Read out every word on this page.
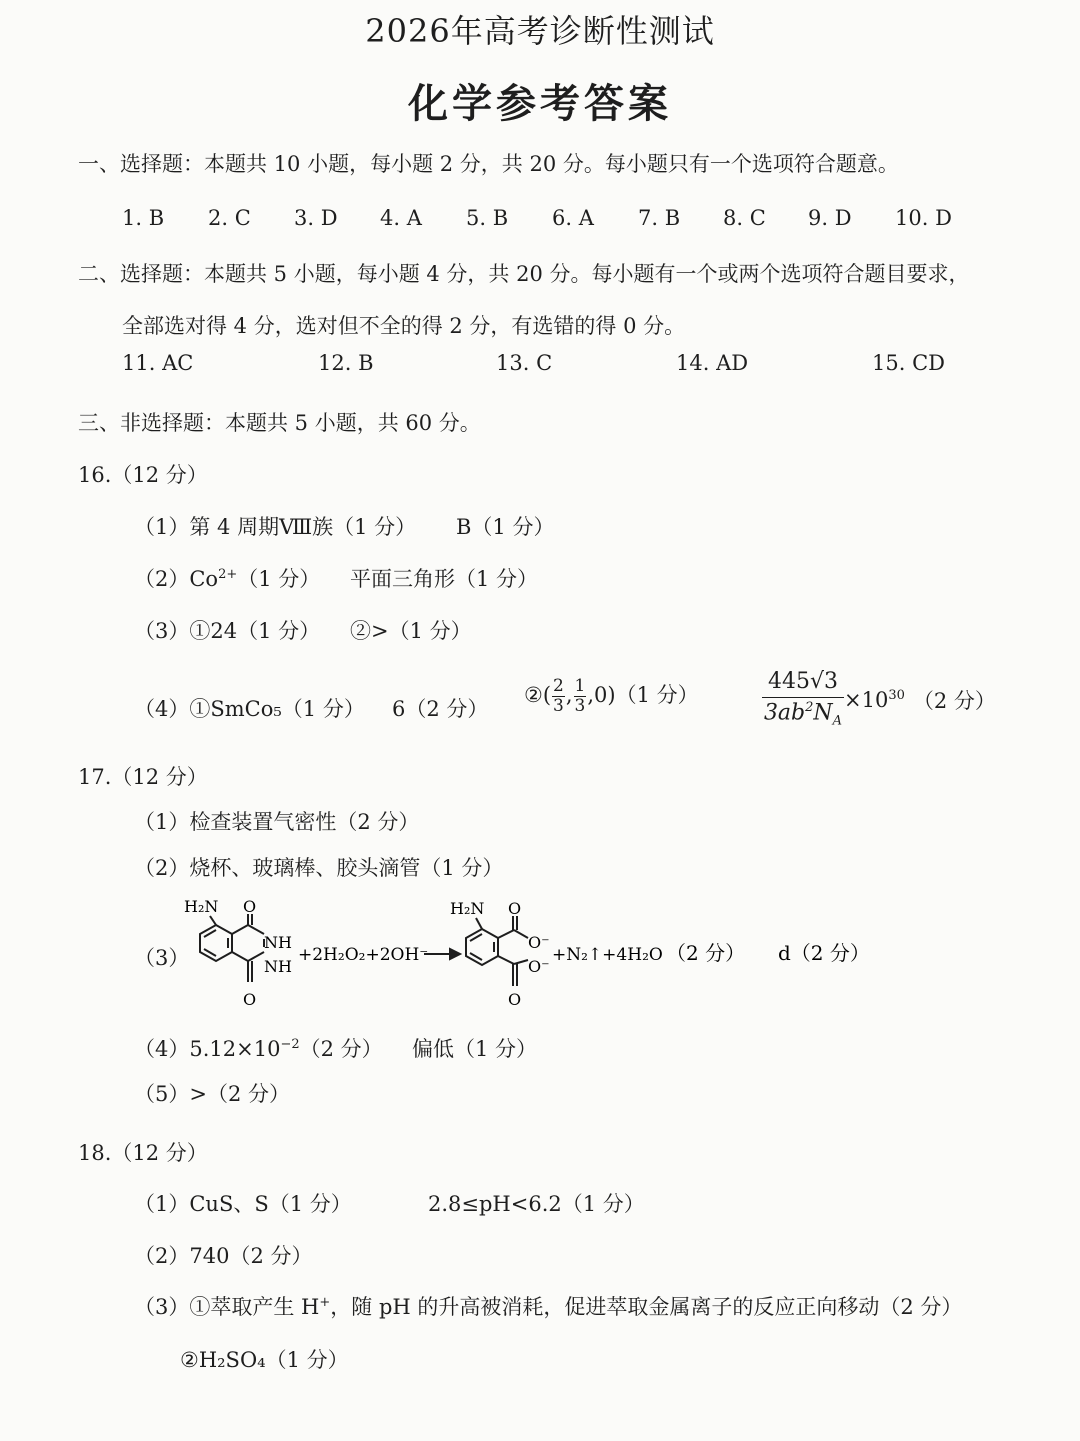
2026年高考诊断性测试
化学参考答案
一、选择题：本题共 10 小题，每小题 2 分，共 20 分。每小题只有一个选项符合题意。
1. B 2. C 3. D 4. A 5. B 6. A 7. B 8. C 9. D 10. D
二、选择题：本题共 5 小题，每小题 4 分，共 20 分。每小题有一个或两个选项符合题目要求，
全部选对得 4 分，选对但不全的得 2 分，有选错的得 0 分。
11. AC	12. B	13. C	14. AD	15. CD
三、非选择题：本题共 5 小题，共 60 分。
16.（12 分）
（1）第 4 周期Ⅷ族（1 分） B（1 分）
$(2)Co^{2+}(1$ 分） 平面三角形（1 分）
（3）①24（1 分） ②>（1 分）
（4）①SmCo₅（1 分） 6（2 分）
②( $\frac{2}{3}$ , $\frac{1}{3} ,0)(1$ 分）	$\frac{445√3}{3ab^2N_A} \times 10^{30}$ （2 分）
17.（12 分）
（1）检查装置气密性（2 分）
（2）烧杯、玻璃棒、胶头滴管（1 分）
（3）
H₂N O
O
NH
NH
+2H₂O₂+2OH⁻
H₂N O
O
O⁻
O⁻
+N₂↑+4H₂O （2 分） d（2 分）
$(4)5.12\times 10^{-2}(2$ 分） 偏低（1 分）
（5）>（2 分）
18.（12 分）
（1）CuS、S（1 分）	2.8≤pH<6.2（1 分）
（2）740（2 分）
（3）①萃取产生 H+，随 pH 的升高被消耗，促进萃取金属离子的反应正向移动（2 分）
②H₂SO₄（1 分）
